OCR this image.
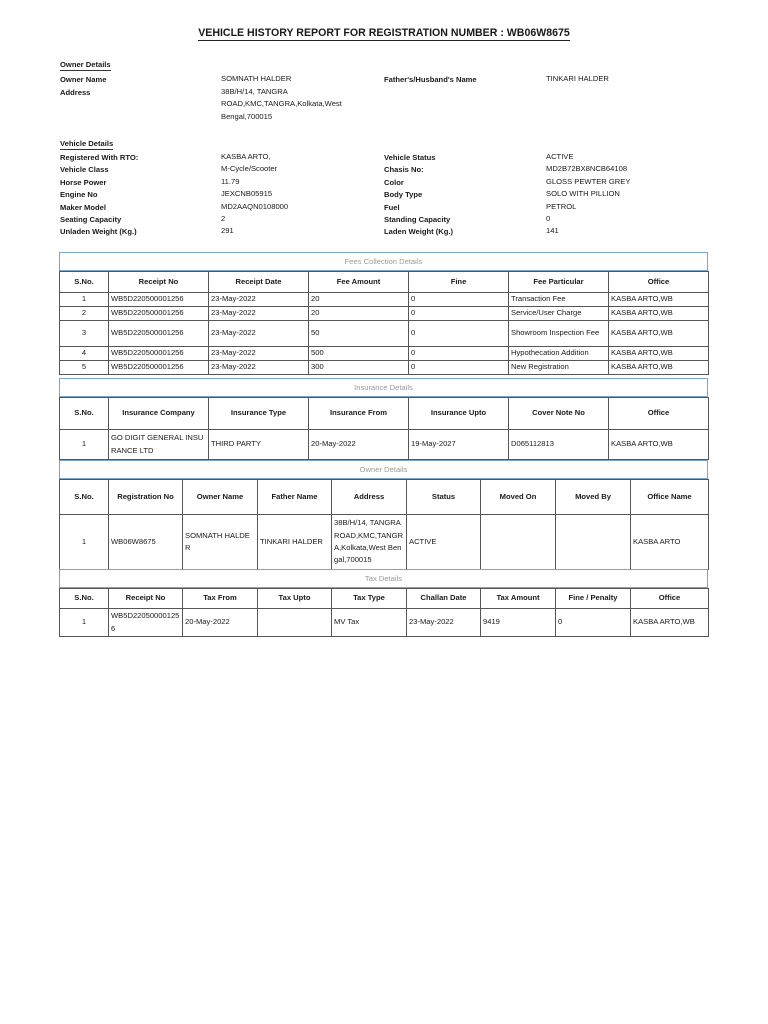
VEHICLE HISTORY REPORT FOR REGISTRATION NUMBER : WB06W8675
Owner Details
Owner Name	SOMNATH HALDER
Address	38B/H/14, TANGRA ROAD,KMC,TANGRA,Kolkata,West Bengal,700015
Father's/Husband's Name	TINKARI HALDER
Vehicle Details
Registered With RTO:	KASBA ARTO,
Vehicle Class	M-Cycle/Scooter
Horse Power	11.79
Engine No	JEXCNB05915
Maker Model	MD2AAQN0108000
Seating Capacity	2
Unladen Weight (Kg.)	291
Vehicle Status	ACTIVE
Chasis No:	MD2B72BX8NCB64108
Color	GLOSS PEWTER GREY
Body Type	SOLO WITH PILLION
Fuel	PETROL
Standing Capacity	0
Laden Weight (Kg.)	141
Fees Collection Details
S.No.	Receipt No	Receipt Date	Fee Amount	Fine	Fee Particular	Office
1	WB5D220500001256	23-May-2022	20	0	Transaction Fee	KASBA ARTO,WB
2	WB5D220500001256	23-May-2022	20	0	Service/User Charge	KASBA ARTO,WB
3	WB5D220500001256	23-May-2022	50	0	Showroom Inspection Fee	KASBA ARTO,WB
4	WB5D220500001256	23-May-2022	500	0	Hypothecation Addition	KASBA ARTO,WB
5	WB5D220500001256	23-May-2022	300	0	New Registration	KASBA ARTO,WB
Insurance Details
S.No.	Insurance Company	Insurance Type	Insurance From	Insurance Upto	Cover Note No	Office
1	GO DIGIT GENERAL INSURANCE LTD	THIRD PARTY	20-May-2022	19-May-2027	D065112813	KASBA ARTO,WB
Owner Details
S.No.	Registration No	Owner Name	Father Name	Address	Status	Moved On	Moved By	Office Name
1	WB06W8675	SOMNATH HALDER	TINKARI HALDER	38B/H/14, TANGRA ROAD,KMC,TANGRA,Kolkata,West Bengal,700015	ACTIVE			KASBA ARTO
Tax Details
S.No.	Receipt No	Tax From	Tax Upto	Tax Type	Challan Date	Tax Amount	Fine / Penalty	Office
1	WB5D220500001256	20-May-2022		MV Tax	23-May-2022	9419	0	KASBA ARTO,WB
